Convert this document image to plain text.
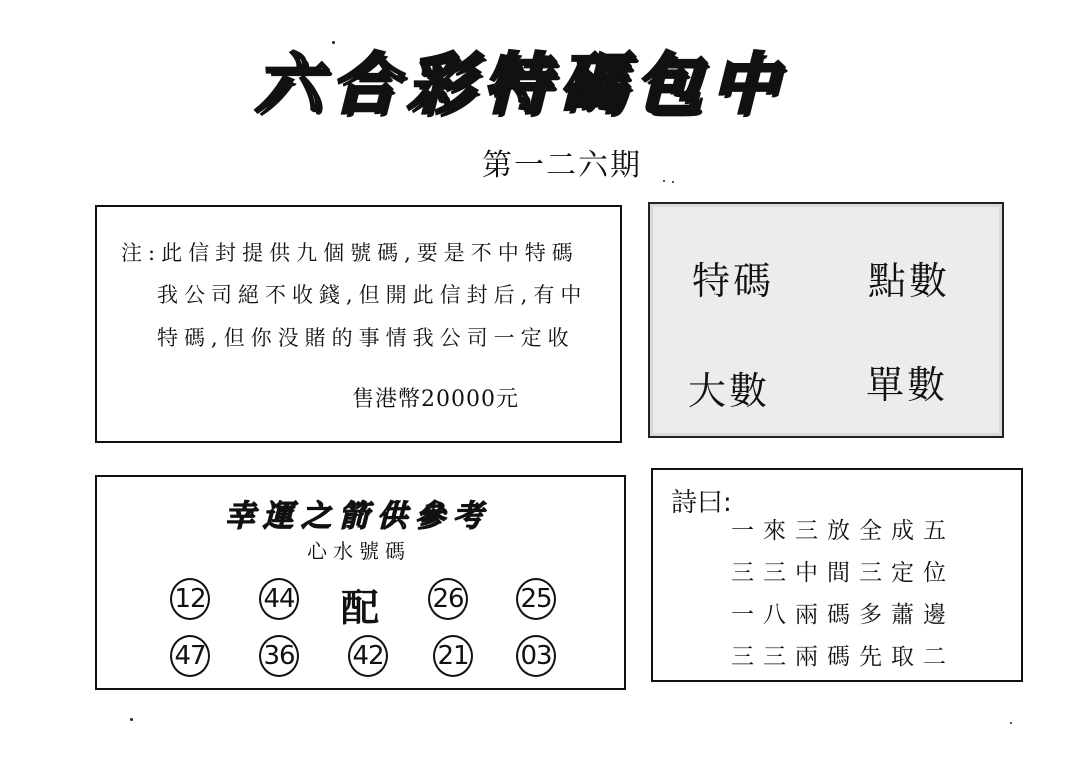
六合彩特碼包中
第一二六期
注:此信封提供九個號碼,要是不中特碼
我公司絕不收錢,但開此信封后,有中
特碼,但你没賭的事情我公司一定收
售港幣20000元
特碼 點數
大數	單數
幸運之箭供參考
心水號碼
12 44 配 26 25
47 36 42 21 03
詩曰:
一來三放全成五
三三中間三定位
一八兩碼多蕭邊
三三兩碼先取二
